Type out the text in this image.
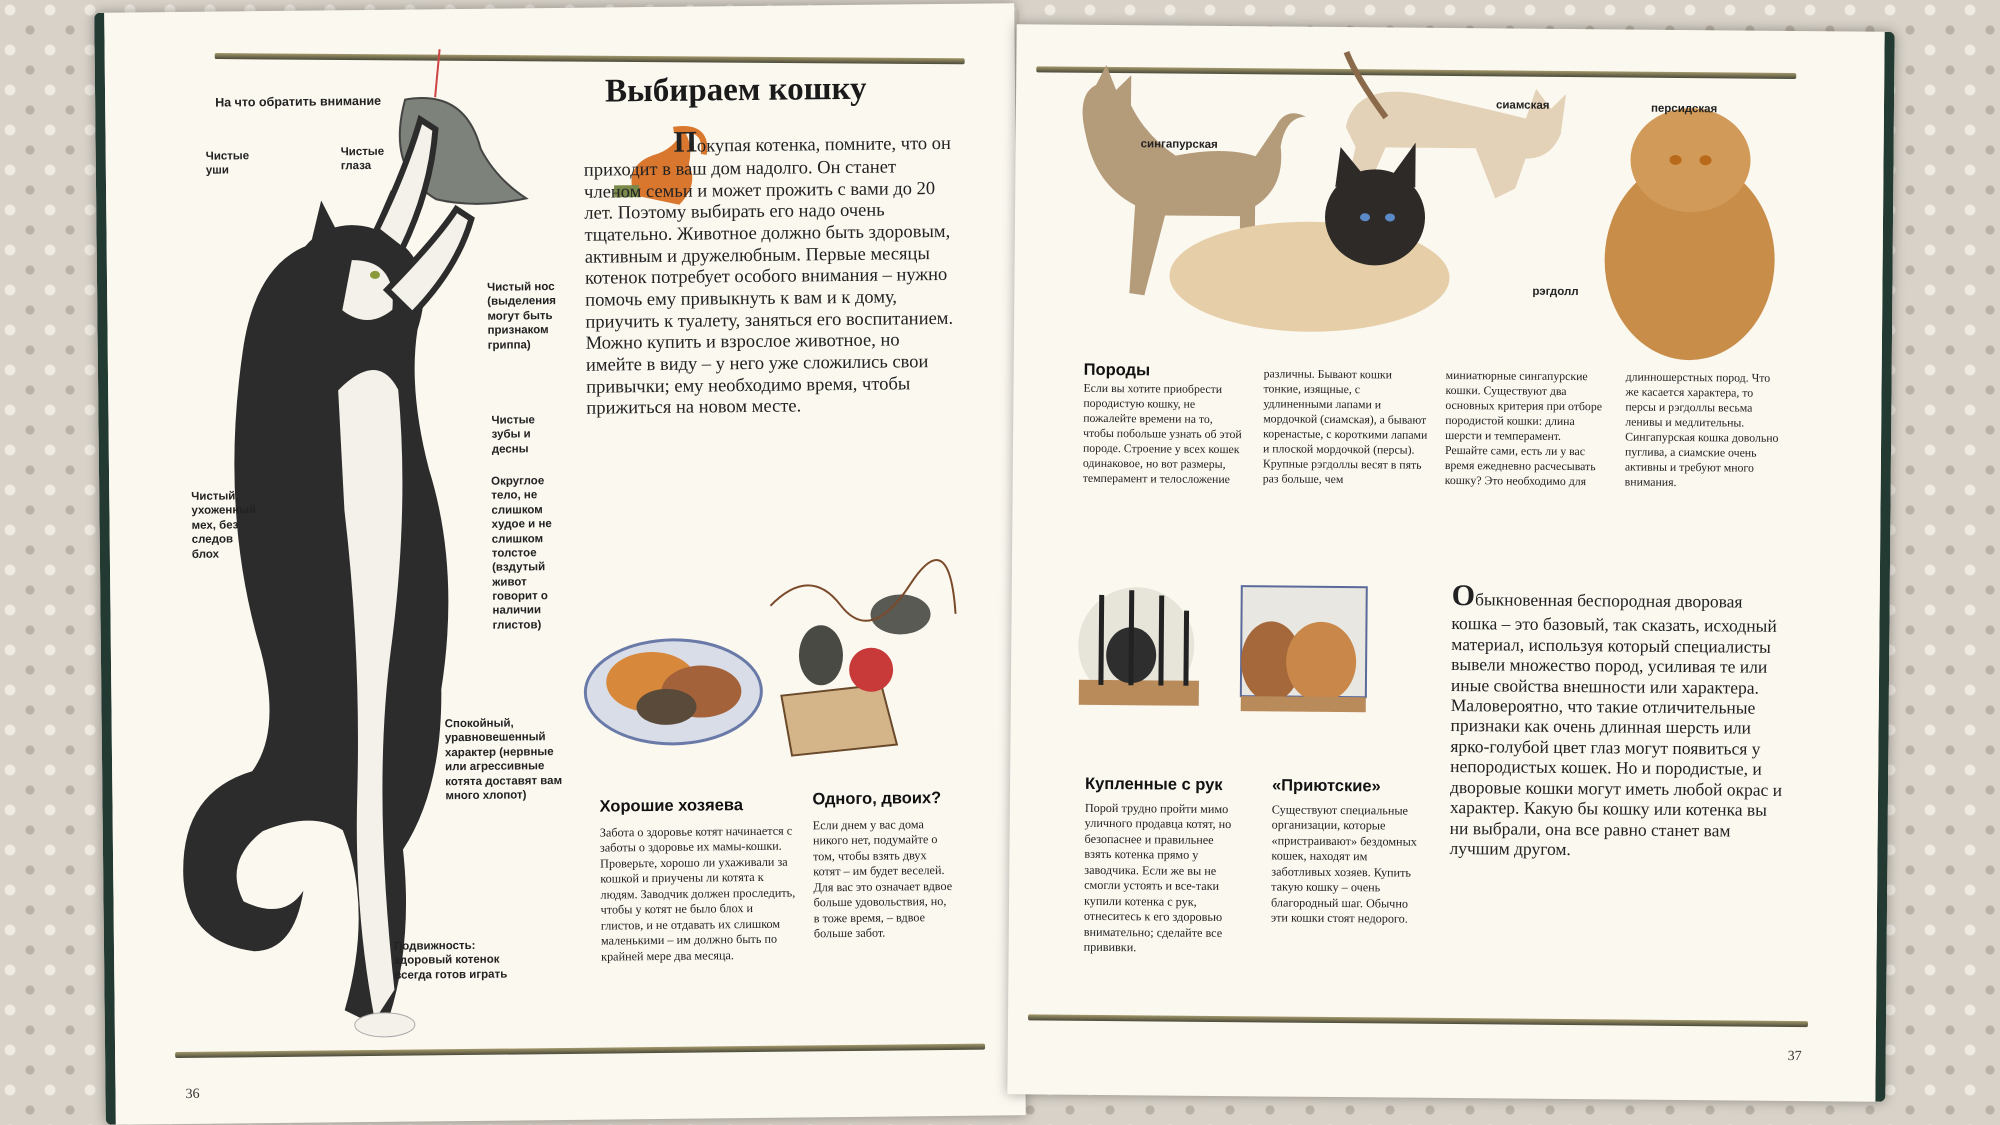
На что обратить внимание
Чистые уши
Чистые глаза
Чистый нос (выделения могут быть признаком гриппа)
Чистые зубы и десны
Чистый, ухоженный мех, без следов блох
Округлое тело, не слишком худое и не слишком толстое (вздутый живот говорит о наличии глистов)
Спокойный, уравновешенный характер (нервные или агрессивные котята доставят вам много хлопот)
Подвижность: здоровый котенок всегда готов играть
Выбираем кошку
Покупая котенка, помните, что он приходит в ваш дом надолго. Он станет членом семьи и может прожить с вами до 20 лет. Поэтому выбирать его надо очень тщательно. Животное должно быть здоровым, активным и дружелюбным. Первые месяцы котенок потребует особого внимания – нужно помочь ему привыкнуть к вам и к дому, приучить к туалету, заняться его воспитанием. Можно купить и взрослое животное, но имейте в виду – у него уже сложились свои привычки; ему необходимо время, чтобы прижиться на новом месте.
Хорошие хозяева
Забота о здоровье котят начинается с заботы о здоровье их мамы-кошки. Проверьте, хорошо ли ухаживали за кошкой и приучены ли котята к людям. Заводчик должен проследить, чтобы у котят не было блох и глистов, и не отдавать их слишком маленькими – им должно быть по крайней мере два месяца.
Одного, двоих?
Если днем у вас дома никого нет, подумайте о том, чтобы взять двух котят – им будет веселей. Для вас это означает вдвое больше удовольствия, но, в тоже время, – вдвое больше забот.
36
сингапурская
сиамская	персидская
рэгдолл
Породы
Если вы хотите приобрести породистую кошку, не пожалейте времени на то, чтобы побольше узнать об этой породе. Строение у всех кошек одинаковое, но вот размеры, темперамент и телосложение
различны. Бывают кошки тонкие, изящные, с удлиненными лапами и мордочкой (сиамская), а бывают коренастые, с короткими лапами и плоской мордочкой (персы). Крупные рэгдоллы весят в пять раз больше, чем
миниатюрные сингапурские кошки. Существуют два основных критерия при отборе породистой кошки: длина шерсти и темперамент. Решайте сами, есть ли у вас время ежедневно расчесывать кошку? Это необходимо для
длинношерстных пород. Что же касается характера, то персы и рэгдоллы весьма ленивы и медлительны. Сингапурская кошка довольно пуглива, а сиамские очень активны и требуют много внимания.
Купленные с рук
Порой трудно пройти мимо уличного продавца котят, но безопаснее и правильнее взять котенка прямо у заводчика. Если же вы не смогли устоять и все-таки купили котенка с рук, отнеситесь к его здоровью внимательно; сделайте все прививки.
«Приютские»
Существуют специальные организации, которые «пристраивают» бездомных кошек, находят им заботливых хозяев. Купить такую кошку – очень благородный шаг. Обычно эти кошки стоят недорого.
Обыкновенная беспородная дворовая кошка – это базовый, так сказать, исходный материал, используя который специалисты вывели множество пород, усиливая те или иные свойства внешности или характера. Маловероятно, что такие отличительные признаки как очень длинная шерсть или ярко-голубой цвет глаз могут появиться у непородистых кошек. Но и породистые, и дворовые кошки могут иметь любой окрас и характер. Какую бы кошку или котенка вы ни выбрали, она все равно станет вам лучшим другом.
37
